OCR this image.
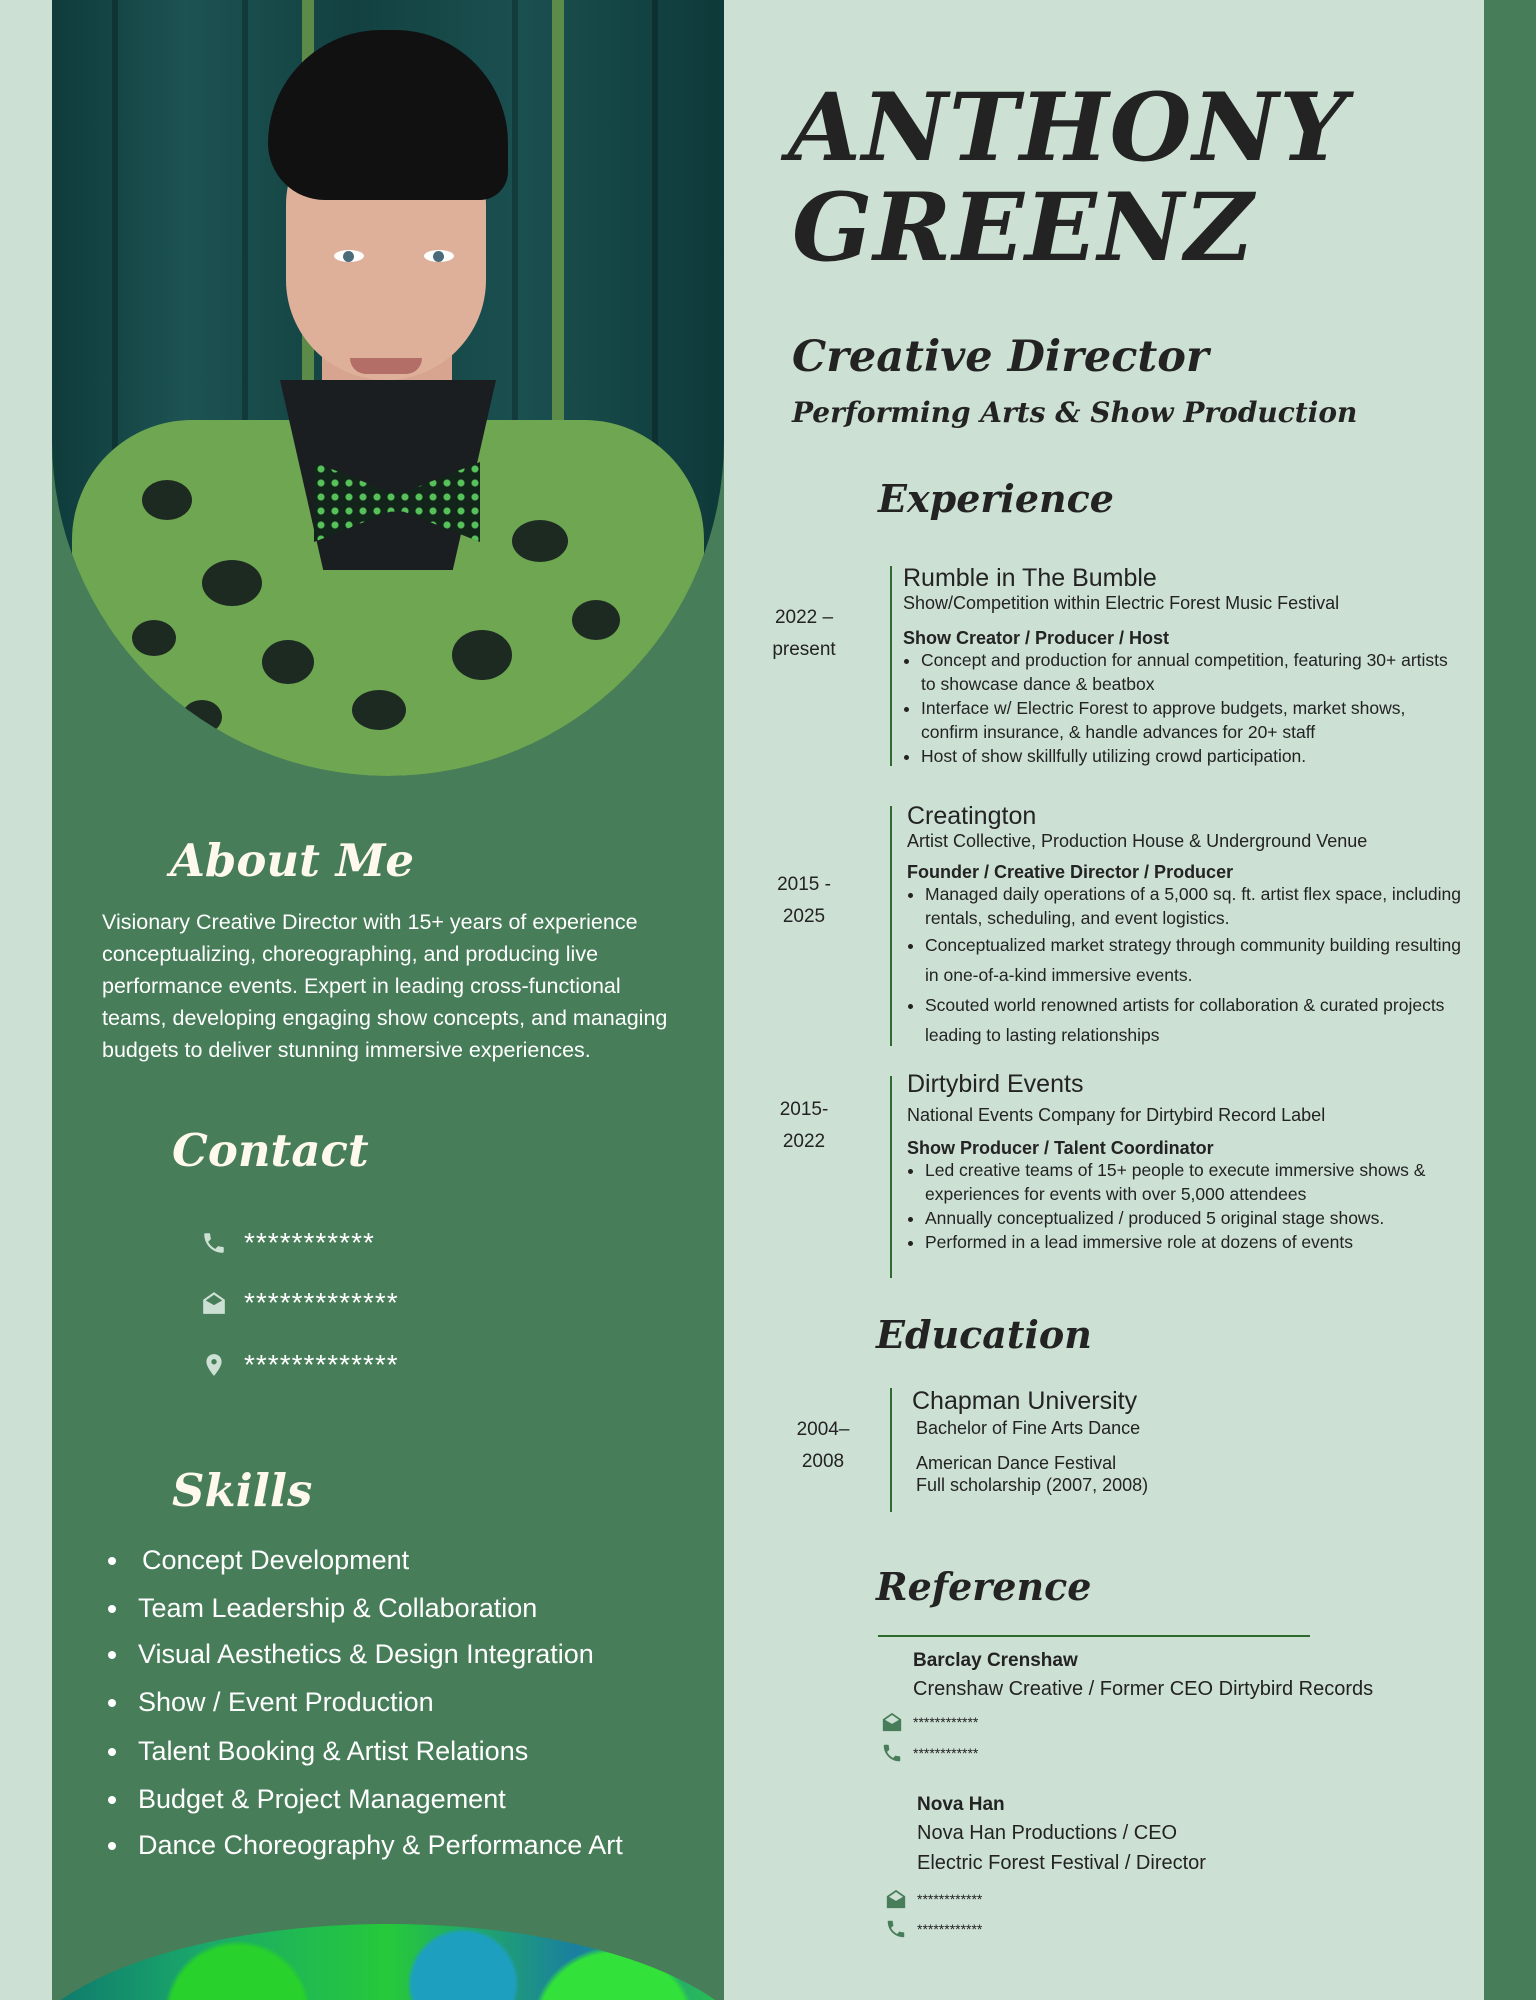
About Me
Visionary Creative Director with 15+ years of experience conceptualizing, choreographing, and producing live performance events. Expert in leading cross-functional teams, developing engaging show concepts, and managing budgets to deliver stunning immersive experiences.
Contact
***********
*************
*************
Skills
Concept Development
Team Leadership & Collaboration
Visual Aesthetics & Design Integration
Show / Event Production
Talent Booking & Artist Relations
Budget & Project Management
Dance Choreography & Performance Art
ANTHONY
GREENZ
Creative Director
Performing Arts & Show Production
Experience
2022 –
present
Rumble in The Bumble
Show/Competition within Electric Forest Music Festival
Show Creator / Producer / Host
• Concept and production for annual competition, featuring 30+ artists to showcase dance & beatbox
• Interface w/ Electric Forest to approve budgets, market shows, confirm insurance, & handle advances for 20+ staff
• Host of show skillfully utilizing crowd participation.
2015 -
2025
Creatington
Artist Collective, Production House & Underground Venue
Founder / Creative Director / Producer
• Managed daily operations of a 5,000 sq. ft. artist flex space, including rentals, scheduling, and event logistics.
• Conceptualized market strategy through community building resulting in one-of-a-kind immersive events.
• Scouted world renowned artists for collaboration & curated projects leading to lasting relationships
2015-
2022
Dirtybird Events
National Events Company for Dirtybird Record Label
Show Producer / Talent Coordinator
• Led creative teams of 15+ people to execute immersive shows & experiences for events with over 5,000 attendees
• Annually conceptualized / produced 5 original stage shows.
• Performed in a lead immersive role at dozens of events
Education
2004–
2008
Chapman University
Bachelor of Fine Arts Dance
American Dance Festival
Full scholarship (2007, 2008)
Reference
Barclay Crenshaw
Crenshaw Creative / Former CEO Dirtybird Records
************
************
Nova Han
Nova Han Productions / CEO
Electric Forest Festival / Director
************
************
